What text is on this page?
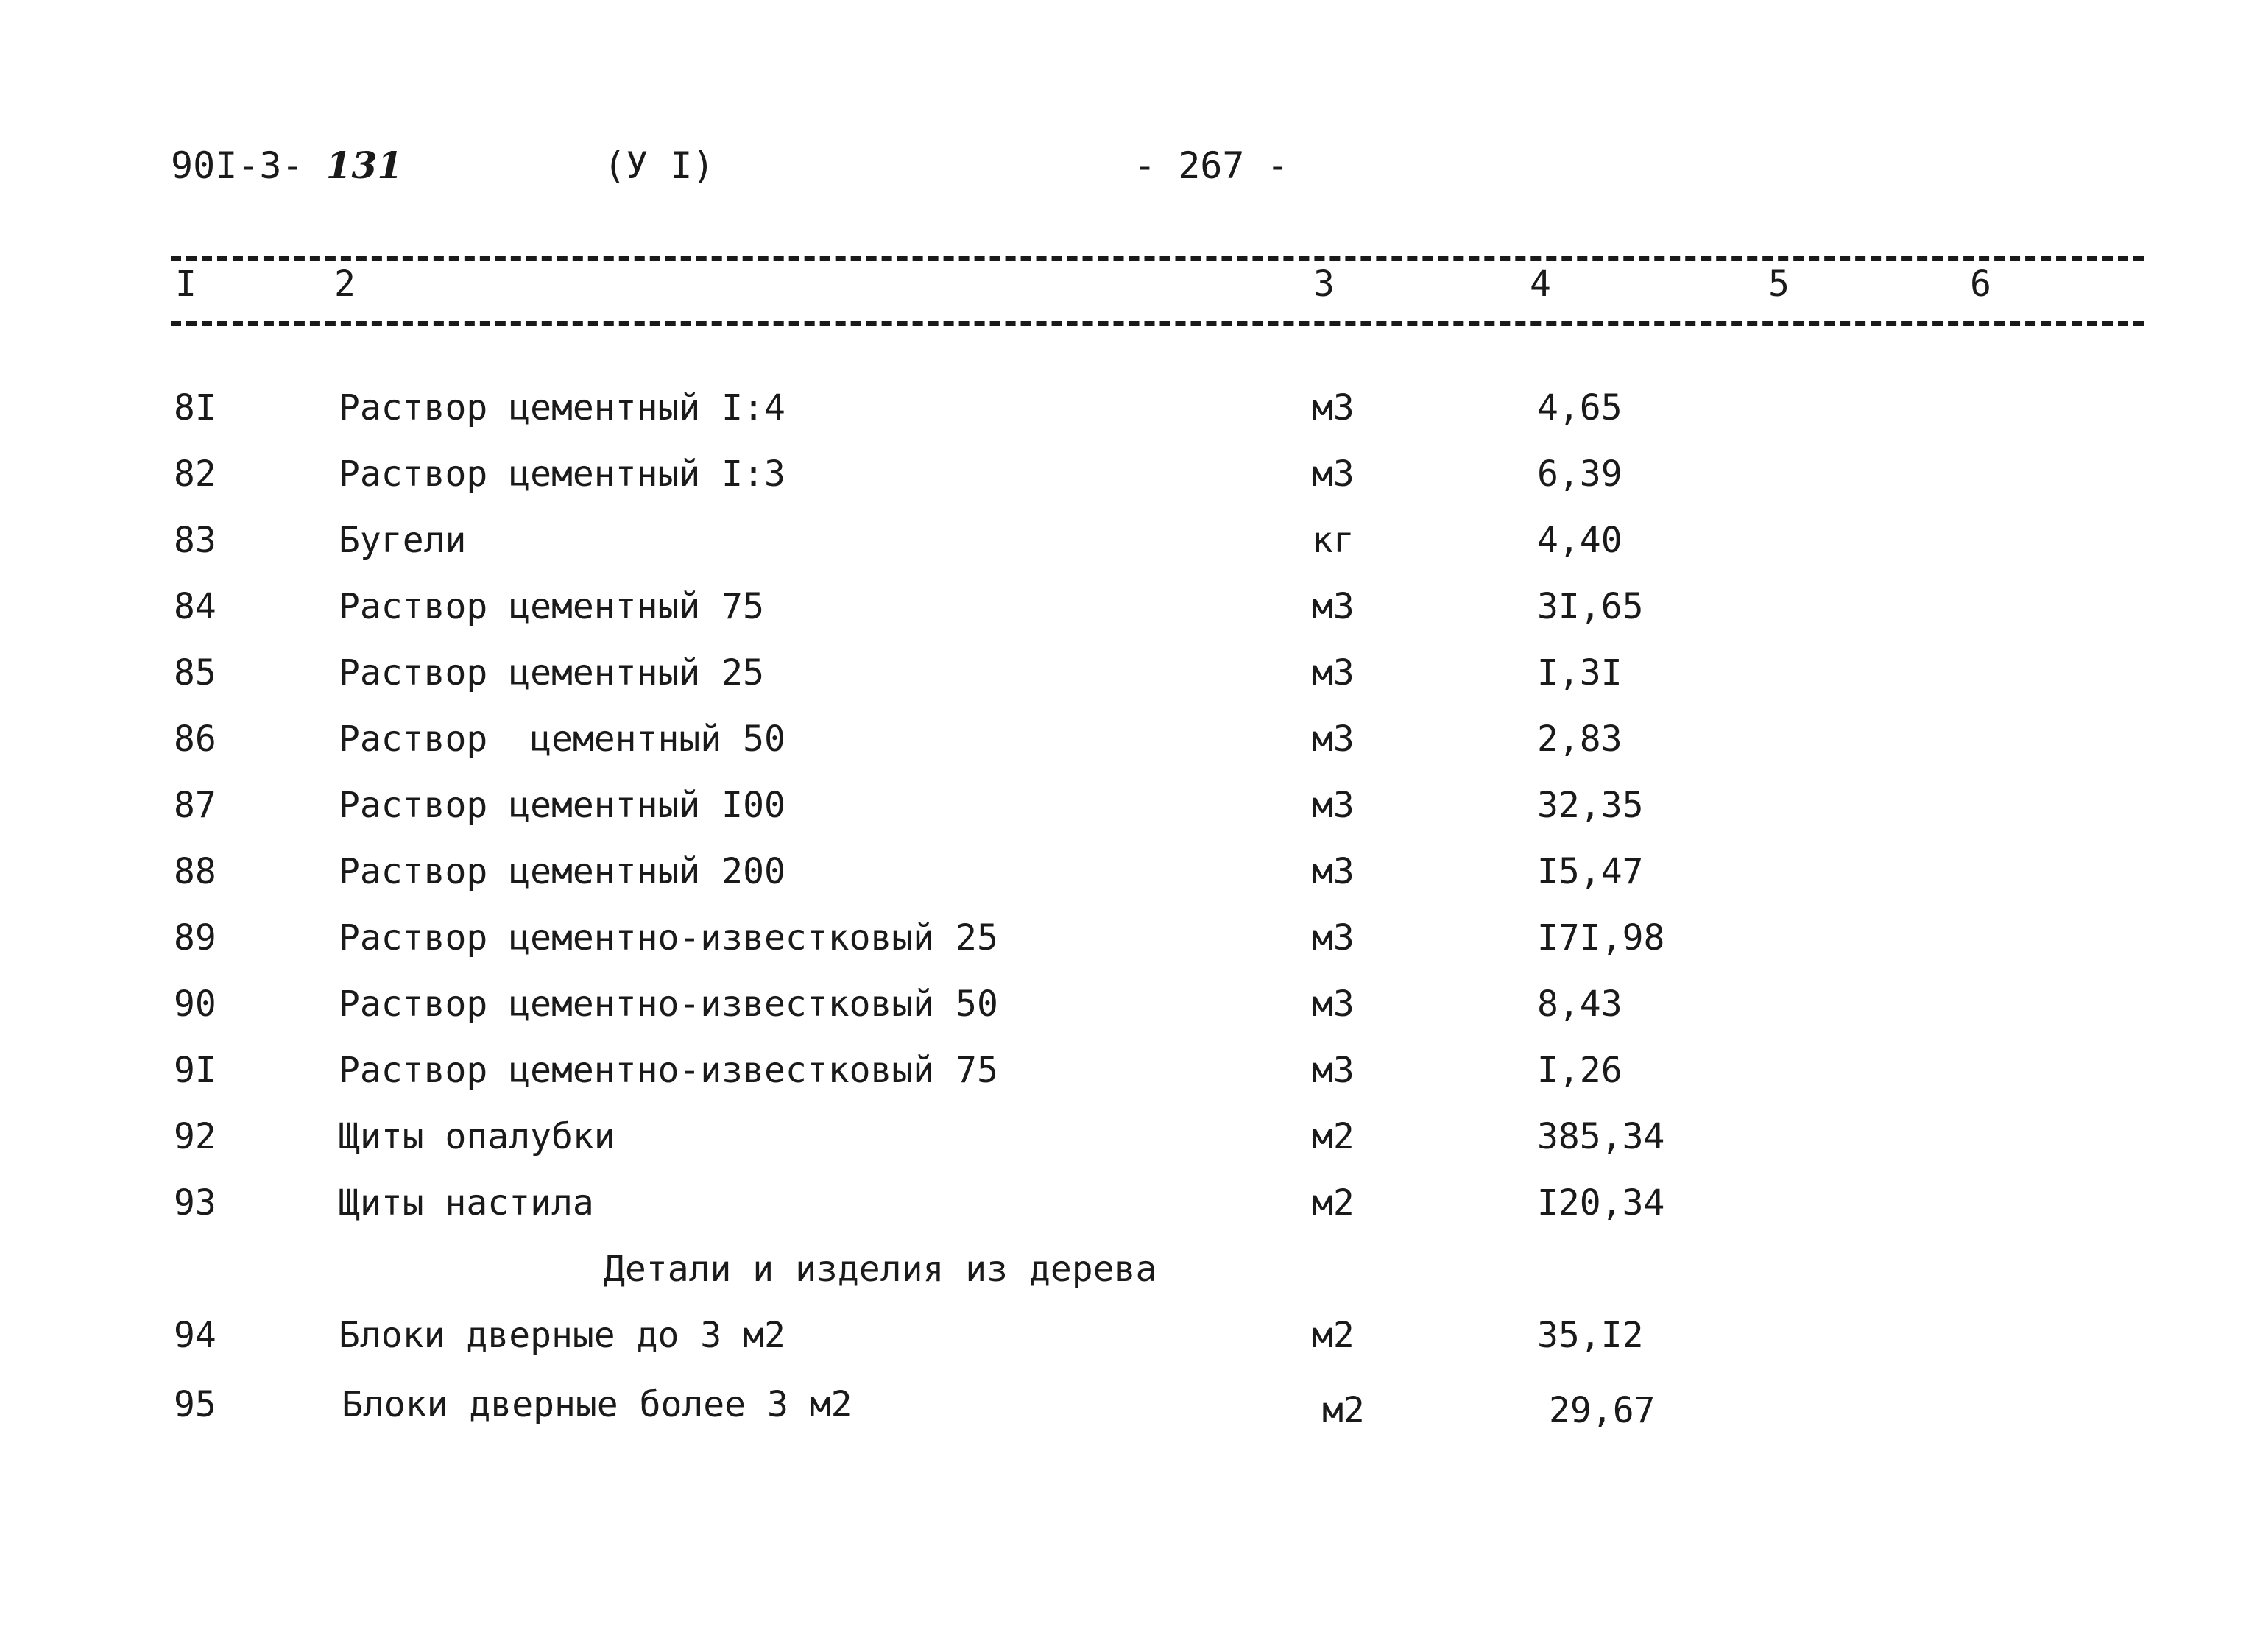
90I-3- 131	(У I)	- 267 -
I	2	3	4	5	6
8I	Раствор цементный I:4	м3	4,65
82	Раствор цементный I:3	м3	6,39
83	Бугели	кг	4,40
84	Раствор цементный 75	м3	3I,65
85	Раствор цементный 25	м3	I,3I
86	Раствор  цементный 50	м3	2,83
87	Раствор цементный I00	м3	32,35
88	Раствор цементный 200	м3	I5,47
89	Раствор цементно-известковый 25	м3	I7I,98
90	Раствор цементно-известковый 50	м3	8,43
9I	Раствор цементно-известковый 75	м3	I,26
92	Щиты опалубки	м2	385,34
93	Щиты настила	м2	I20,34
Детали и изделия из дерева
94	Блоки дверные до 3 м2	м2	35,I2
95	Блоки дверные более 3 м2	м2	29,67
